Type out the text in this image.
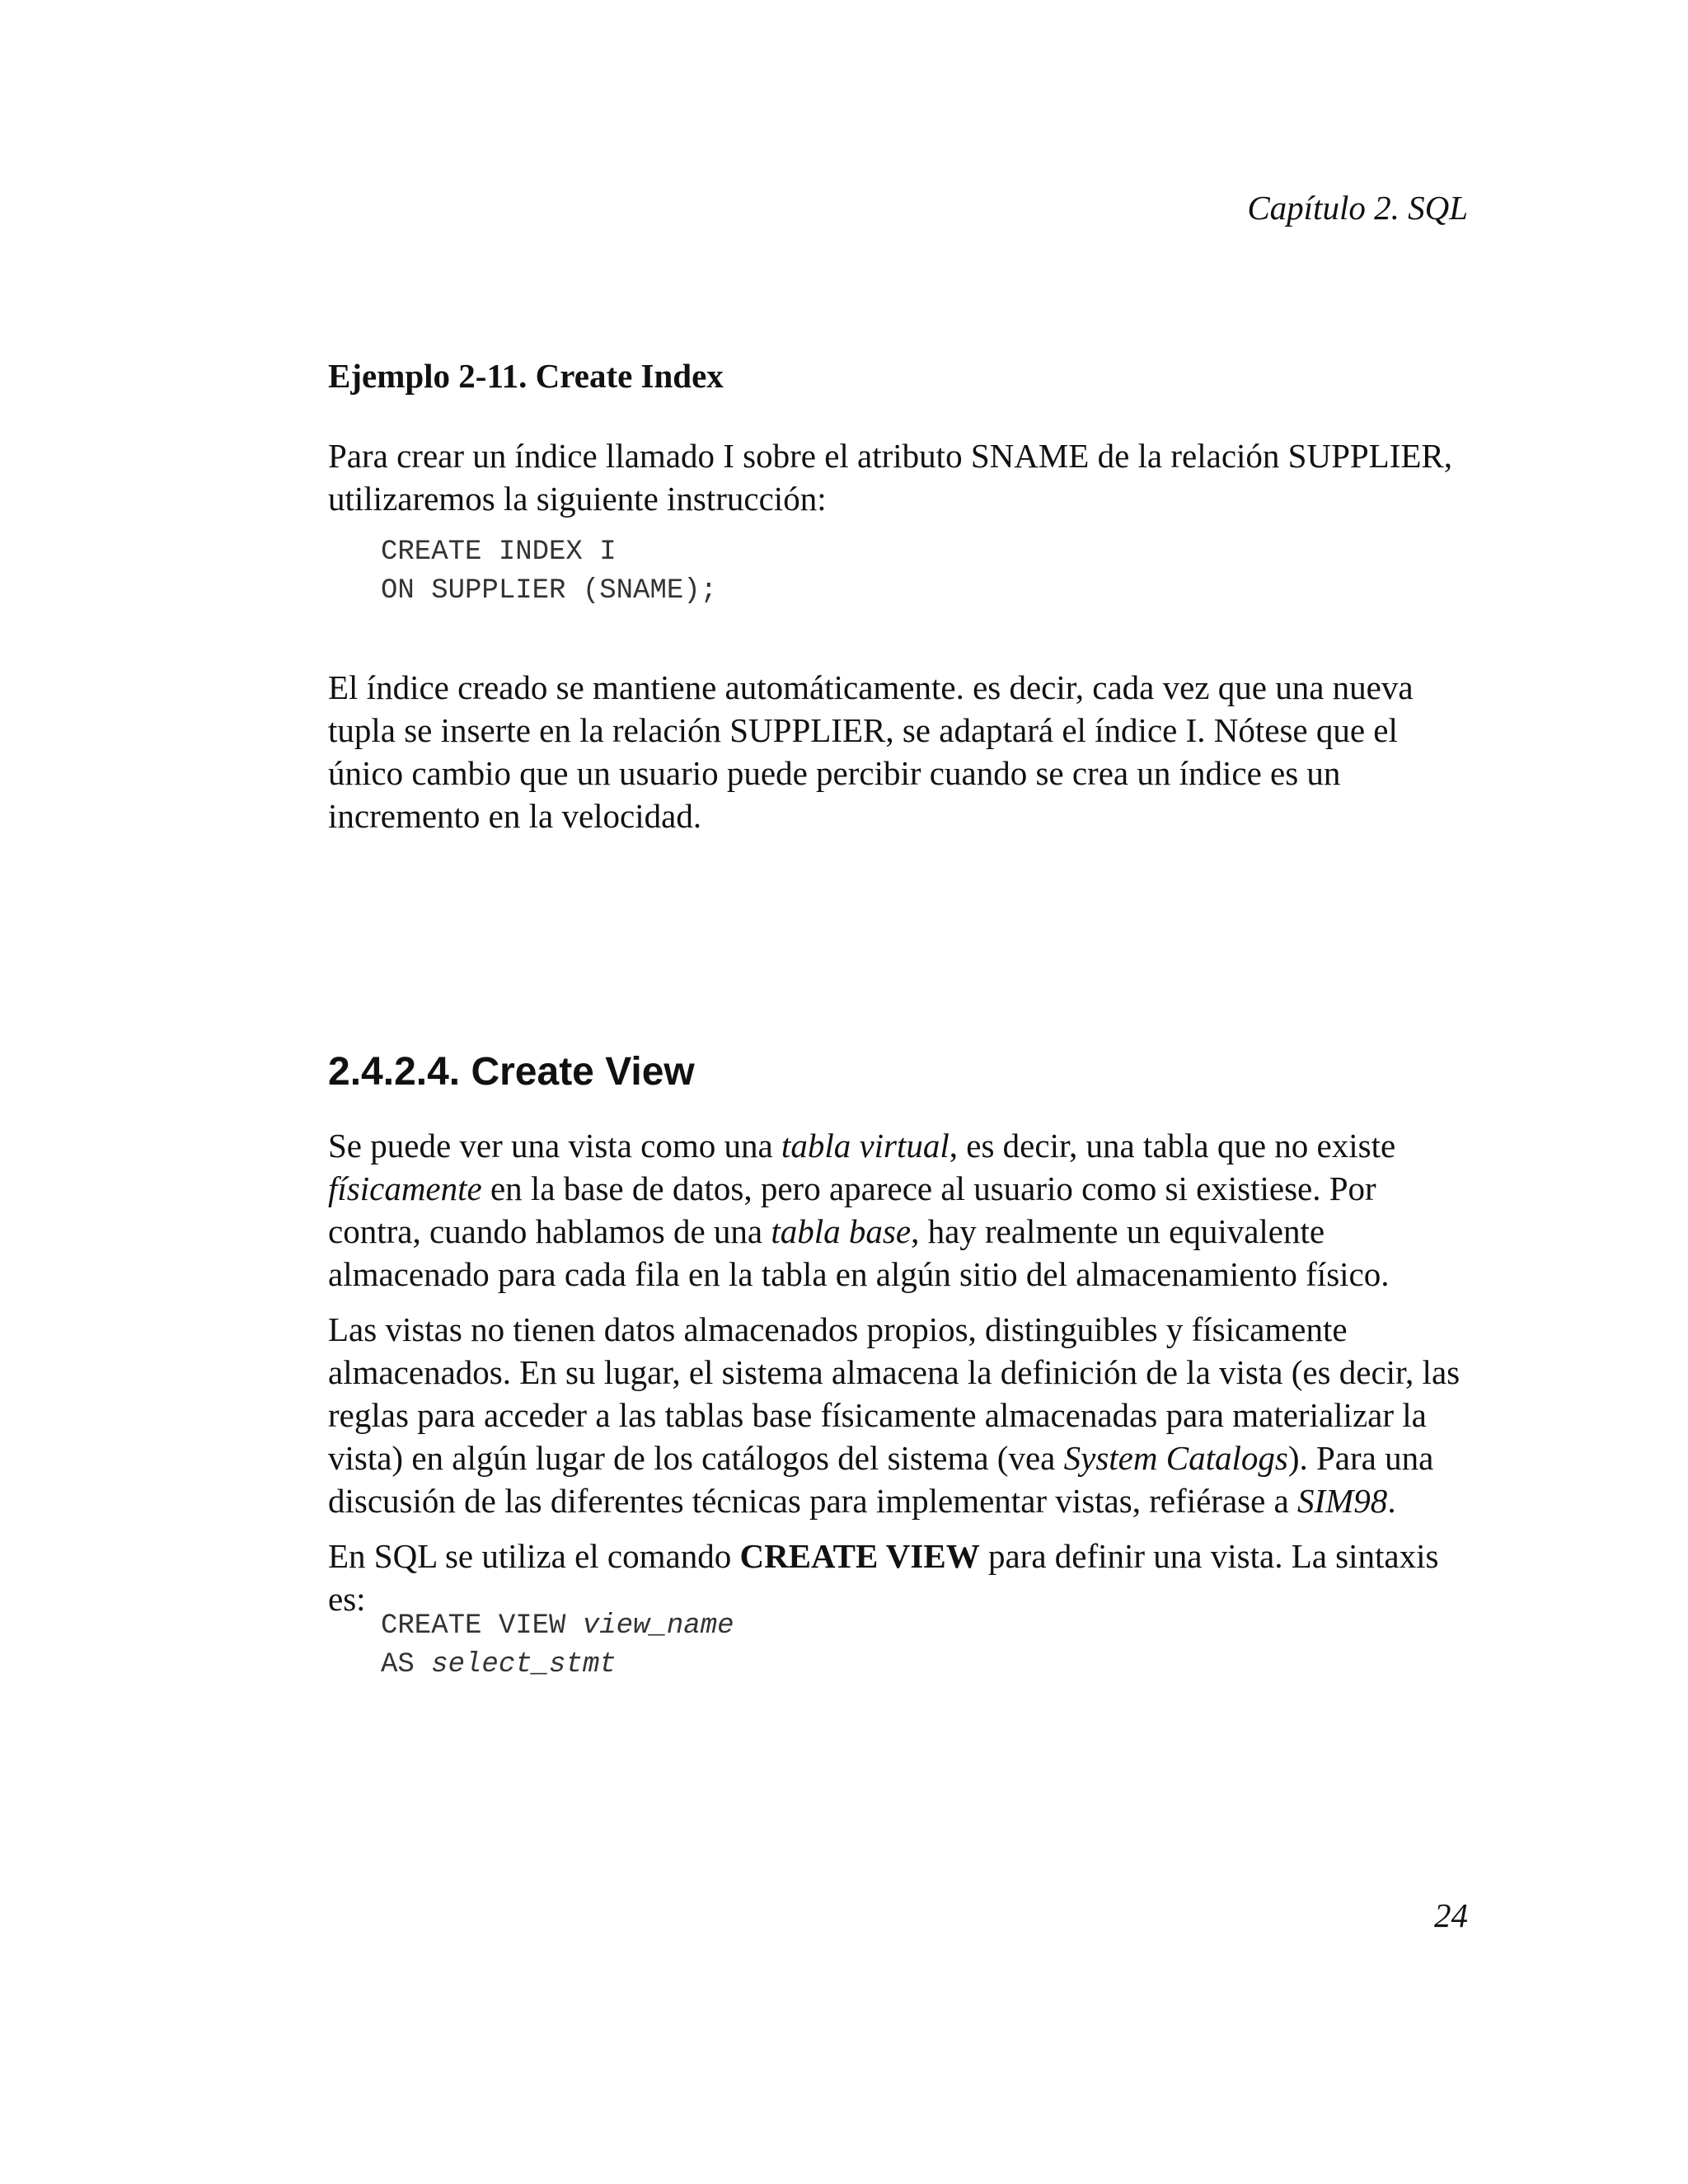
Capítulo 2. SQL
Ejemplo 2-11. Create Index

Para crear un índice llamado I sobre el atributo SNAME de la relación SUPPLIER, utilizaremos la siguiente instrucción:

CREATE INDEX I
ON SUPPLIER (SNAME);

El índice creado se mantiene automáticamente. es decir, cada vez que una nueva tupla se inserte en la relación SUPPLIER, se adaptará el índice I. Nótese que el único cambio que un usuario puede percibir cuando se crea un índice es un incremento en la velocidad.

2.4.2.4. Create View

Se puede ver una vista como una tabla virtual, es decir, una tabla que no existe físicamente en la base de datos, pero aparece al usuario como si existiese. Por contra, cuando hablamos de una tabla base, hay realmente un equivalente almacenado para cada fila en la tabla en algún sitio del almacenamiento físico.

Las vistas no tienen datos almacenados propios, distinguibles y físicamente almacenados. En su lugar, el sistema almacena la definición de la vista (es decir, las reglas para acceder a las tablas base físicamente almacenadas para materializar la vista) en algún lugar de los catálogos del sistema (vea System Catalogs). Para una discusión de las diferentes técnicas para implementar vistas, refiérase a SIM98.

En SQL se utiliza el comando CREATE VIEW para definir una vista. La sintaxis es:

CREATE VIEW view_name
AS select_stmt
24
